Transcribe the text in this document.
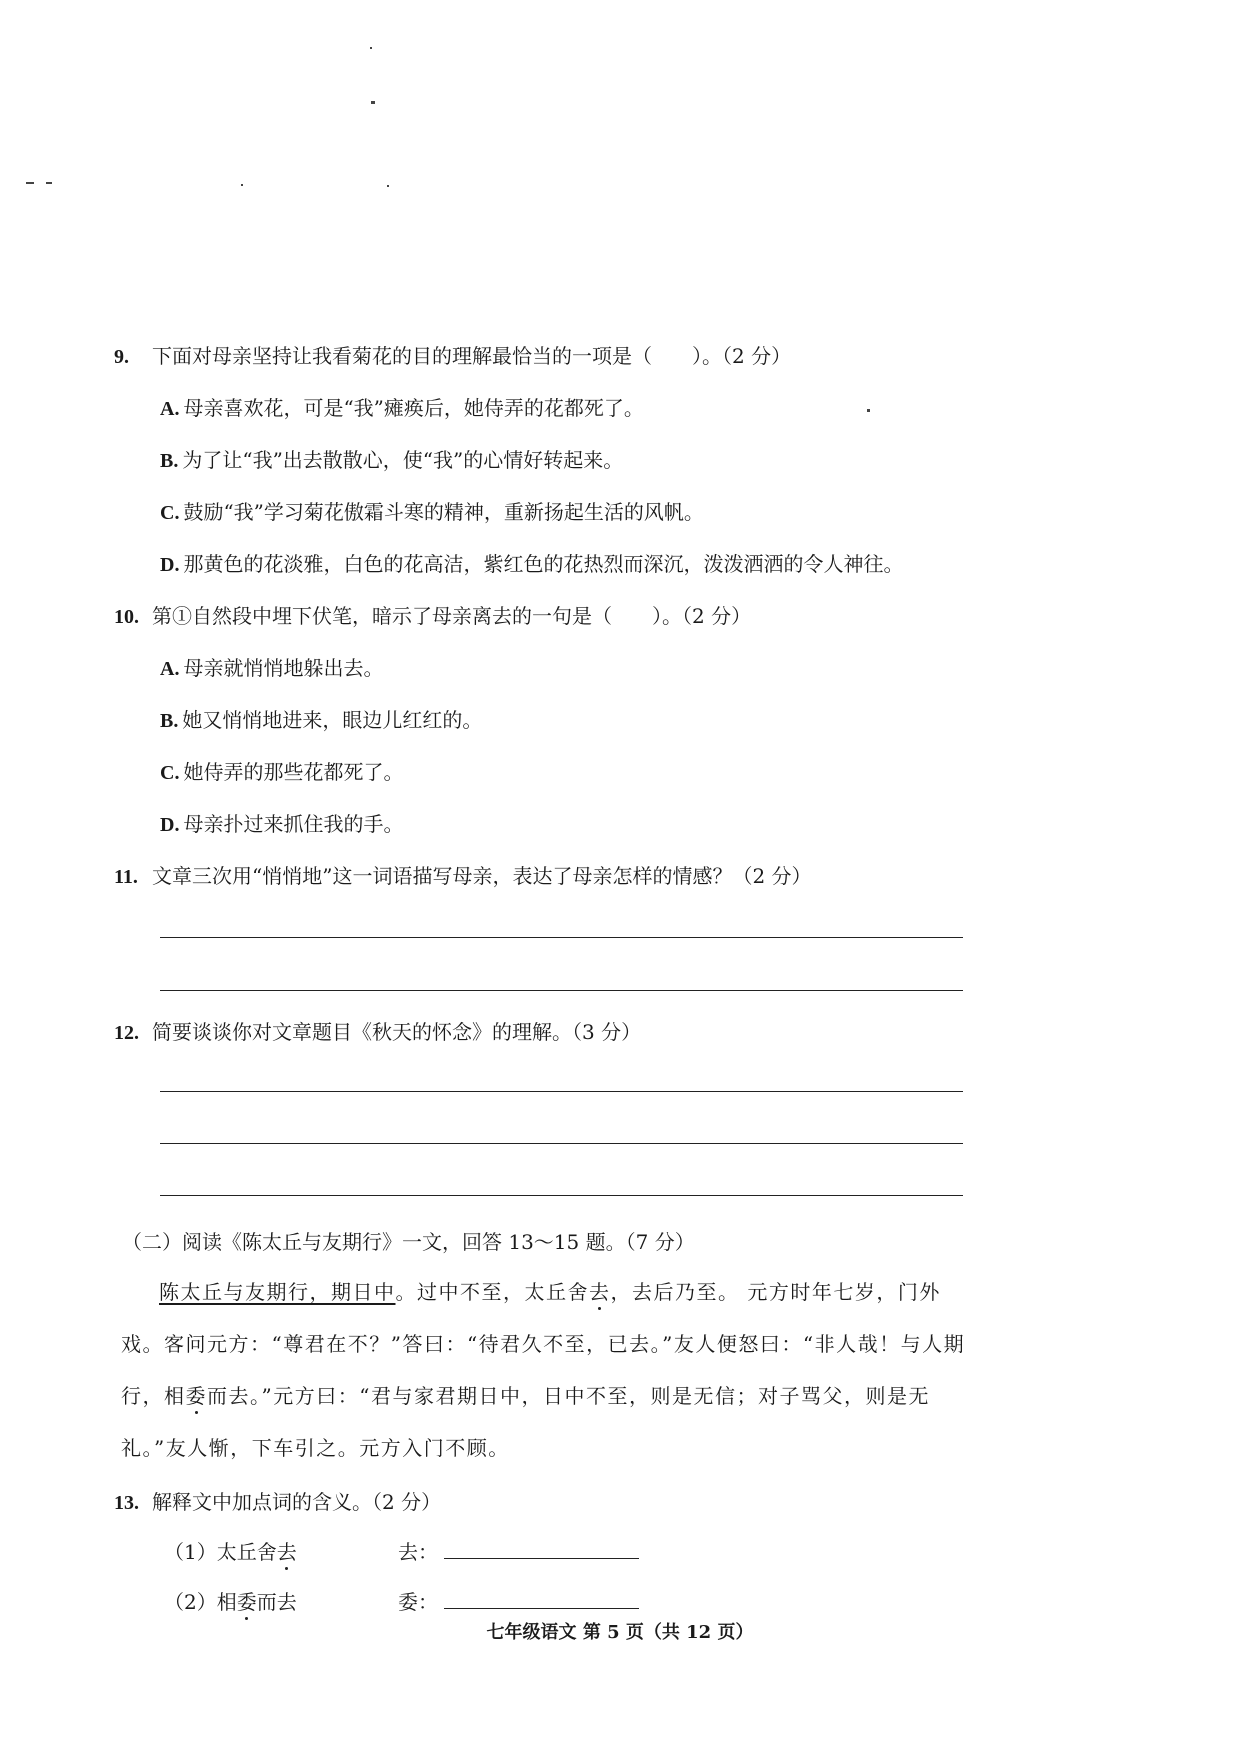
9. 下面对母亲坚持让我看菊花的目的理解最恰当的一项是（　　）。（2 分）
A. 母亲喜欢花，可是“我”瘫痪后，她侍弄的花都死了。
B. 为了让“我”出去散散心，使“我”的心情好转起来。
C. 鼓励“我”学习菊花傲霜斗寒的精神，重新扬起生活的风帆。
D. 那黄色的花淡雅，白色的花高洁，紫红色的花热烈而深沉，泼泼洒洒的令人神往。
10. 第①自然段中埋下伏笔，暗示了母亲离去的一句是（　　）。（2 分）
A. 母亲就悄悄地躲出去。
B. 她又悄悄地进来，眼边儿红红的。
C. 她侍弄的那些花都死了。
D. 母亲扑过来抓住我的手。
11. 文章三次用“悄悄地”这一词语描写母亲，表达了母亲怎样的情感？（2 分）
12. 简要谈谈你对文章题目《秋天的怀念》的理解。（3 分）
（二）阅读《陈太丘与友期行》一文，回答 13～15 题。（7 分）
陈太丘与友期行，期日中。过中不至，太丘舍去，去后乃至。 元方时年七岁，门外戏。客问元方：“尊君在不？”答曰：“待君久不至，已去。”友人便怒曰：“非人哉！与人期行，相委而去。”元方曰：“君与家君期日中，日中不至，则是无信；对子骂父，则是无礼。”友人惭，下车引之。元方入门不顾。
13. 解释文中加点词的含义。（2 分）
（1）太丘舍去	去：
（2）相委而去	委：
七年级语文 第 5 页（共 12 页）
